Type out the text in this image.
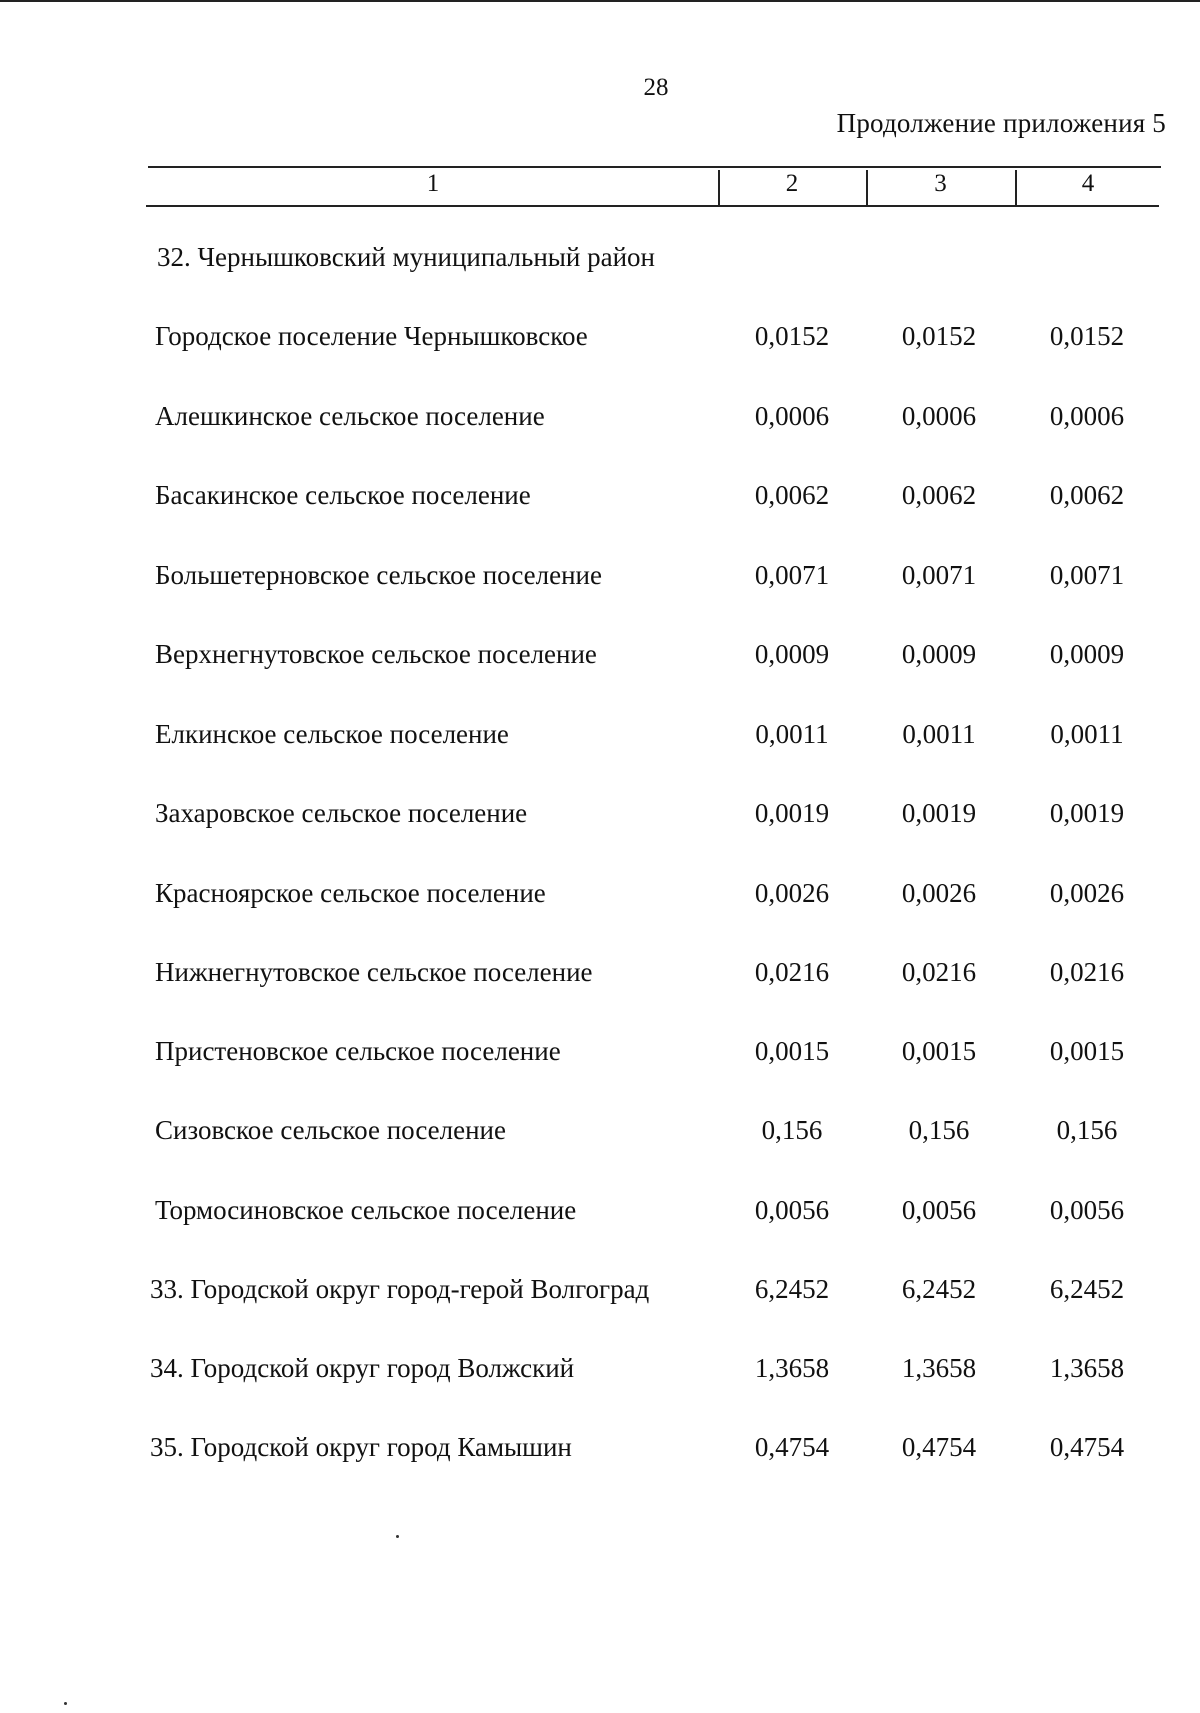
28
Продолжение приложения 5
1	2	3	4
32. Чернышковский муниципальный район
Городское поселение Чернышковское	0,0152	0,0152	0,0152
Алешкинское сельское поселение	0,0006	0,0006	0,0006
Басакинское сельское поселение	0,0062	0,0062	0,0062
Большетерновское сельское поселение	0,0071	0,0071	0,0071
Верхнегнутовское сельское поселение	0,0009	0,0009	0,0009
Елкинское сельское поселение	0,0011	0,0011	0,0011
Захаровское сельское поселение	0,0019	0,0019	0,0019
Красноярское сельское поселение	0,0026	0,0026	0,0026
Нижнегнутовское сельское поселение	0,0216	0,0216	0,0216
Пристеновское сельское поселение	0,0015	0,0015	0,0015
Сизовское сельское поселение	0,156	0,156	0,156
Тормосиновское сельское поселение	0,0056	0,0056	0,0056
33. Городской округ город-герой Волгоград	6,2452	6,2452	6,2452
34. Городской округ город Волжский	1,3658	1,3658	1,3658
35. Городской округ город Камышин	0,4754	0,4754	0,4754
